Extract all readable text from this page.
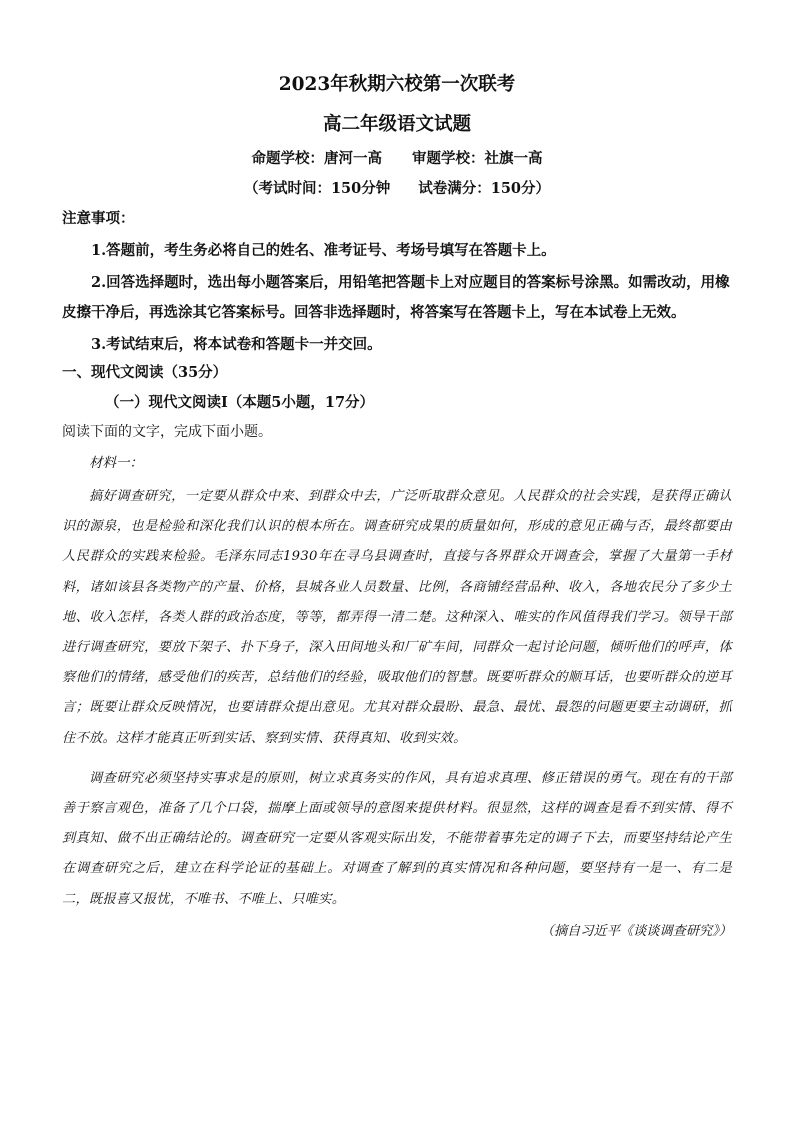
2023年秋期六校第一次联考
高二年级语文试题
命题学校：唐河一高 审题学校：社旗一高
（考试时间：150分钟 试卷满分：150分）
注意事项：

1.答题前，考生务必将自己的姓名、准考证号、考场号填写在答题卡上。

2.回答选择题时，选出每小题答案后，用铅笔把答题卡上对应题目的答案标号涂黑。如需改动，用橡皮擦干净后，再选涂其它答案标号。回答非选择题时，将答案写在答题卡上，写在本试卷上无效。

3.考试结束后，将本试卷和答题卡一并交回。

一、现代文阅读（35分）
（一）现代文阅读Ⅰ（本题5小题，17分）
阅读下面的文字，完成下面小题。
材料一：

搞好调查研究，一定要从群众中来、到群众中去，广泛听取群众意见。人民群众的社会实践，是获得正确认识的源泉，也是检验和深化我们认识的根本所在。调查研究成果的质量如何，形成的意见正确与否，最终都要由人民群众的实践来检验。毛泽东同志1930年在寻乌县调查时，直接与各界群众开调查会，掌握了大量第一手材料，诸如该县各类物产的产量、价格，县城各业人员数量、比例，各商铺经营品种、收入，各地农民分了多少土地、收入怎样，各类人群的政治态度，等等，都弄得一清二楚。这种深入、唯实的作风值得我们学习。领导干部进行调查研究，要放下架子、扑下身子，深入田间地头和厂矿车间，同群众一起讨论问题，倾听他们的呼声，体察他们的情绪，感受他们的疾苦，总结他们的经验，吸取他们的智慧。既要听群众的顺耳话，也要听群众的逆耳言；既要让群众反映情况，也要请群众提出意见。尤其对群众最盼、最急、最忧、最怨的问题更要主动调研，抓住不放。这样才能真正听到实话、察到实情、获得真知、收到实效。

调查研究必须坚持实事求是的原则，树立求真务实的作风，具有追求真理、修正错误的勇气。现在有的干部善于察言观色，准备了几个口袋，揣摩上面或领导的意图来提供材料。很显然，这样的调查是看不到实情、得不到真知、做不出正确结论的。调查研究一定要从客观实际出发，不能带着事先定的调子下去，而要坚持结论产生在调查研究之后，建立在科学论证的基础上。对调查了解到的真实情况和各种问题，要坚持有一是一、有二是二，既报喜又报忧，不唯书、不唯上、只唯实。

（摘自习近平《谈谈调查研究》）
